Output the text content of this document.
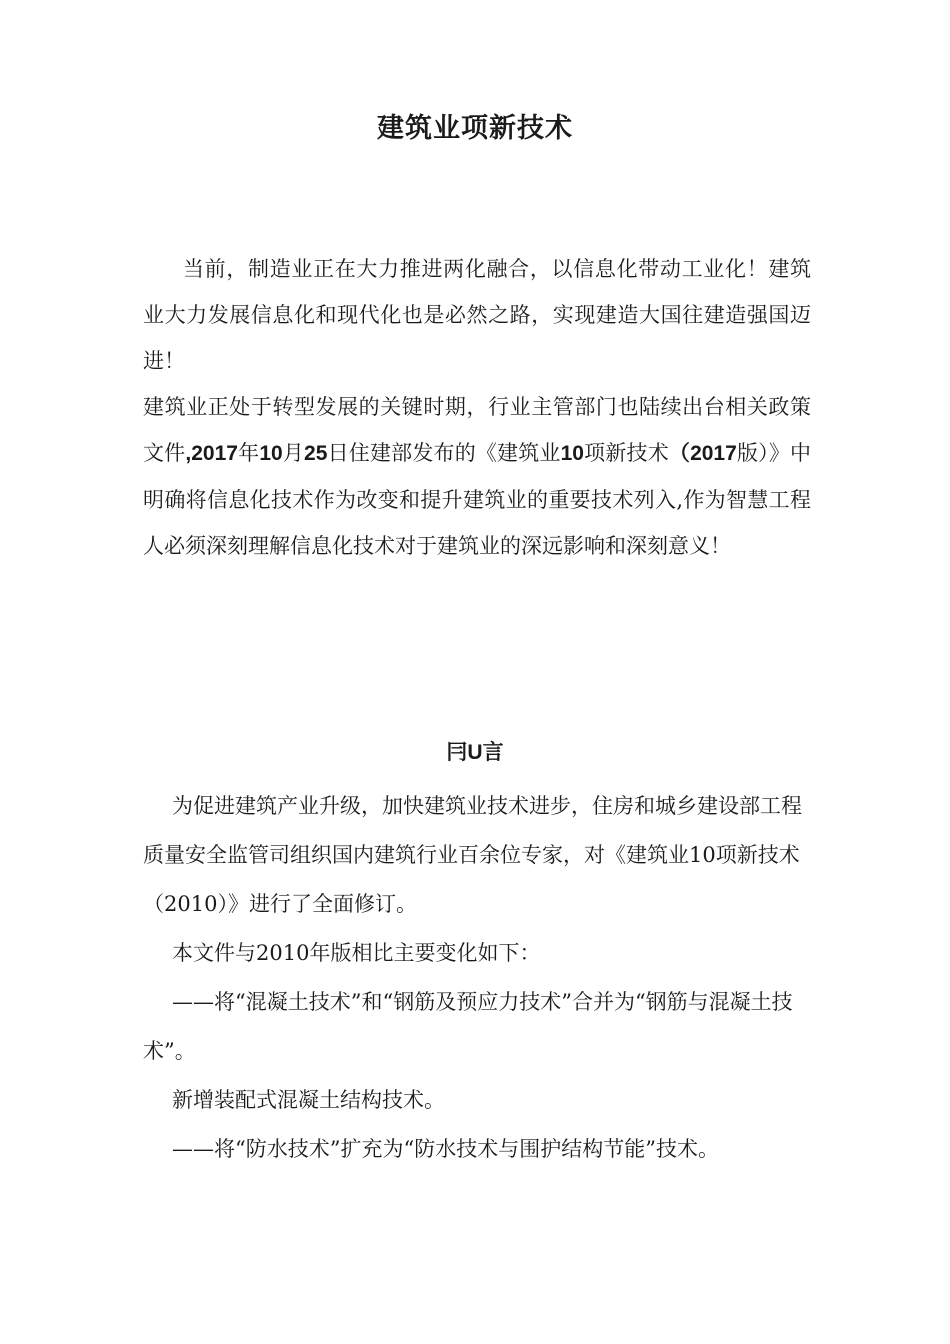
建筑业项新技术

当前，制造业正在大力推进两化融合，以信息化带动工业化！建筑业大力发展信息化和现代化也是必然之路，实现建造大国往建造强国迈进！

建筑业正处于转型发展的关键时期，行业主管部门也陆续出台相关政策文件,2017年10月25日住建部发布的《建筑业10项新技术（2017版）》中明确将信息化技术作为改变和提升建筑业的重要技术列入,作为智慧工程人必须深刻理解信息化技术对于建筑业的深远影响和深刻意义！

冃U言

为促进建筑产业升级，加快建筑业技术进步，住房和城乡建设部工程质量安全监管司组织国内建筑行业百余位专家，对《建筑业10项新技术（2010）》进行了全面修订。

本文件与2010年版相比主要变化如下：

——将“混凝土技术”和“钢筋及预应力技术”合并为“钢筋与混凝土技术”。

新增装配式混凝土结构技术。

——将“防水技术”扩充为“防水技术与围护结构节能”技术。
